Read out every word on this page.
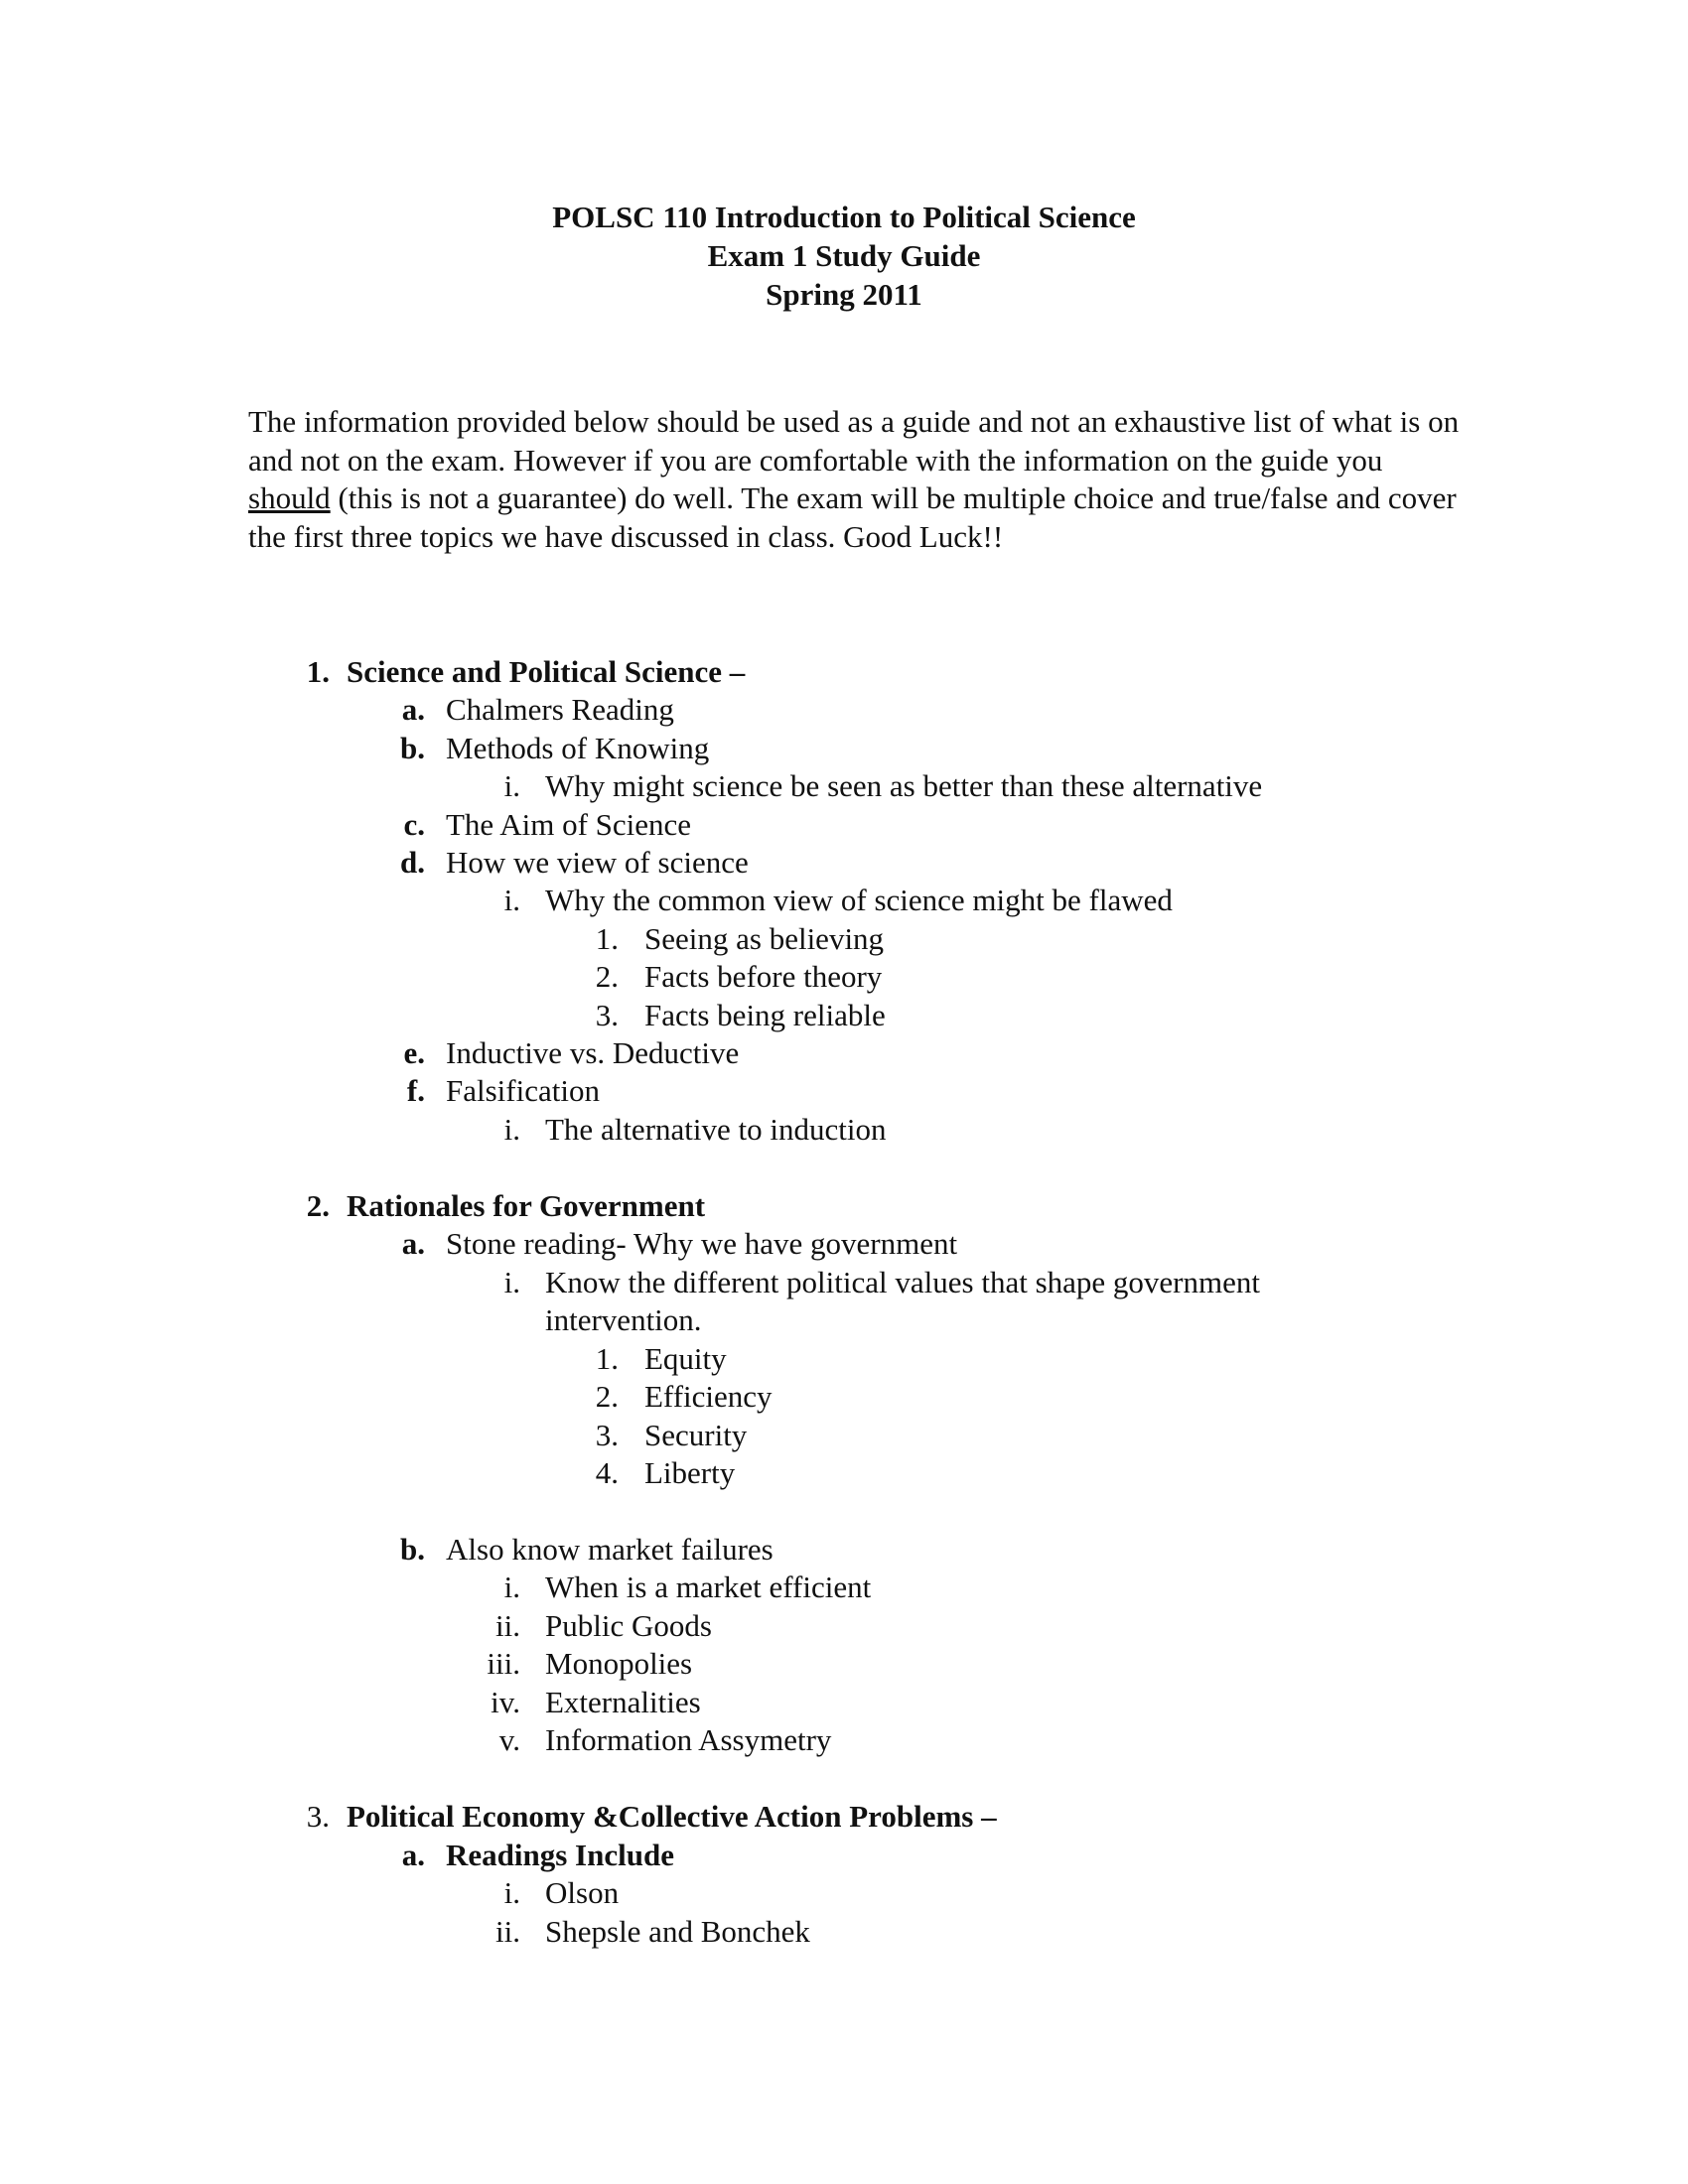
POLSC 110 Introduction to Political Science
Exam 1 Study Guide
Spring 2011
The information provided below should be used as a guide and not an exhaustive list of what is on and not on the exam. However if you are comfortable with the information on the guide you should (this is not a guarantee) do well. The exam will be multiple choice and true/false and cover the first three topics we have discussed in class. Good Luck!!
1. Science and Political Science –
a. Chalmers Reading
b. Methods of Knowing
i. Why might science be seen as better than these alternative
c. The Aim of Science
d. How we view of science
i. Why the common view of science might be flawed
1. Seeing as believing
2. Facts before theory
3. Facts being reliable
e. Inductive vs. Deductive
f. Falsification
i. The alternative to induction
2. Rationales for Government
a. Stone reading- Why we have government
i. Know the different political values that shape government
intervention.
1. Equity
2. Efficiency
3. Security
4. Liberty
b. Also know market failures
i. When is a market efficient
ii. Public Goods
iii. Monopolies
iv. Externalities
v. Information Assymetry
3. Political Economy &Collective Action Problems –
a. Readings Include
i. Olson
ii. Shepsle and Bonchek
